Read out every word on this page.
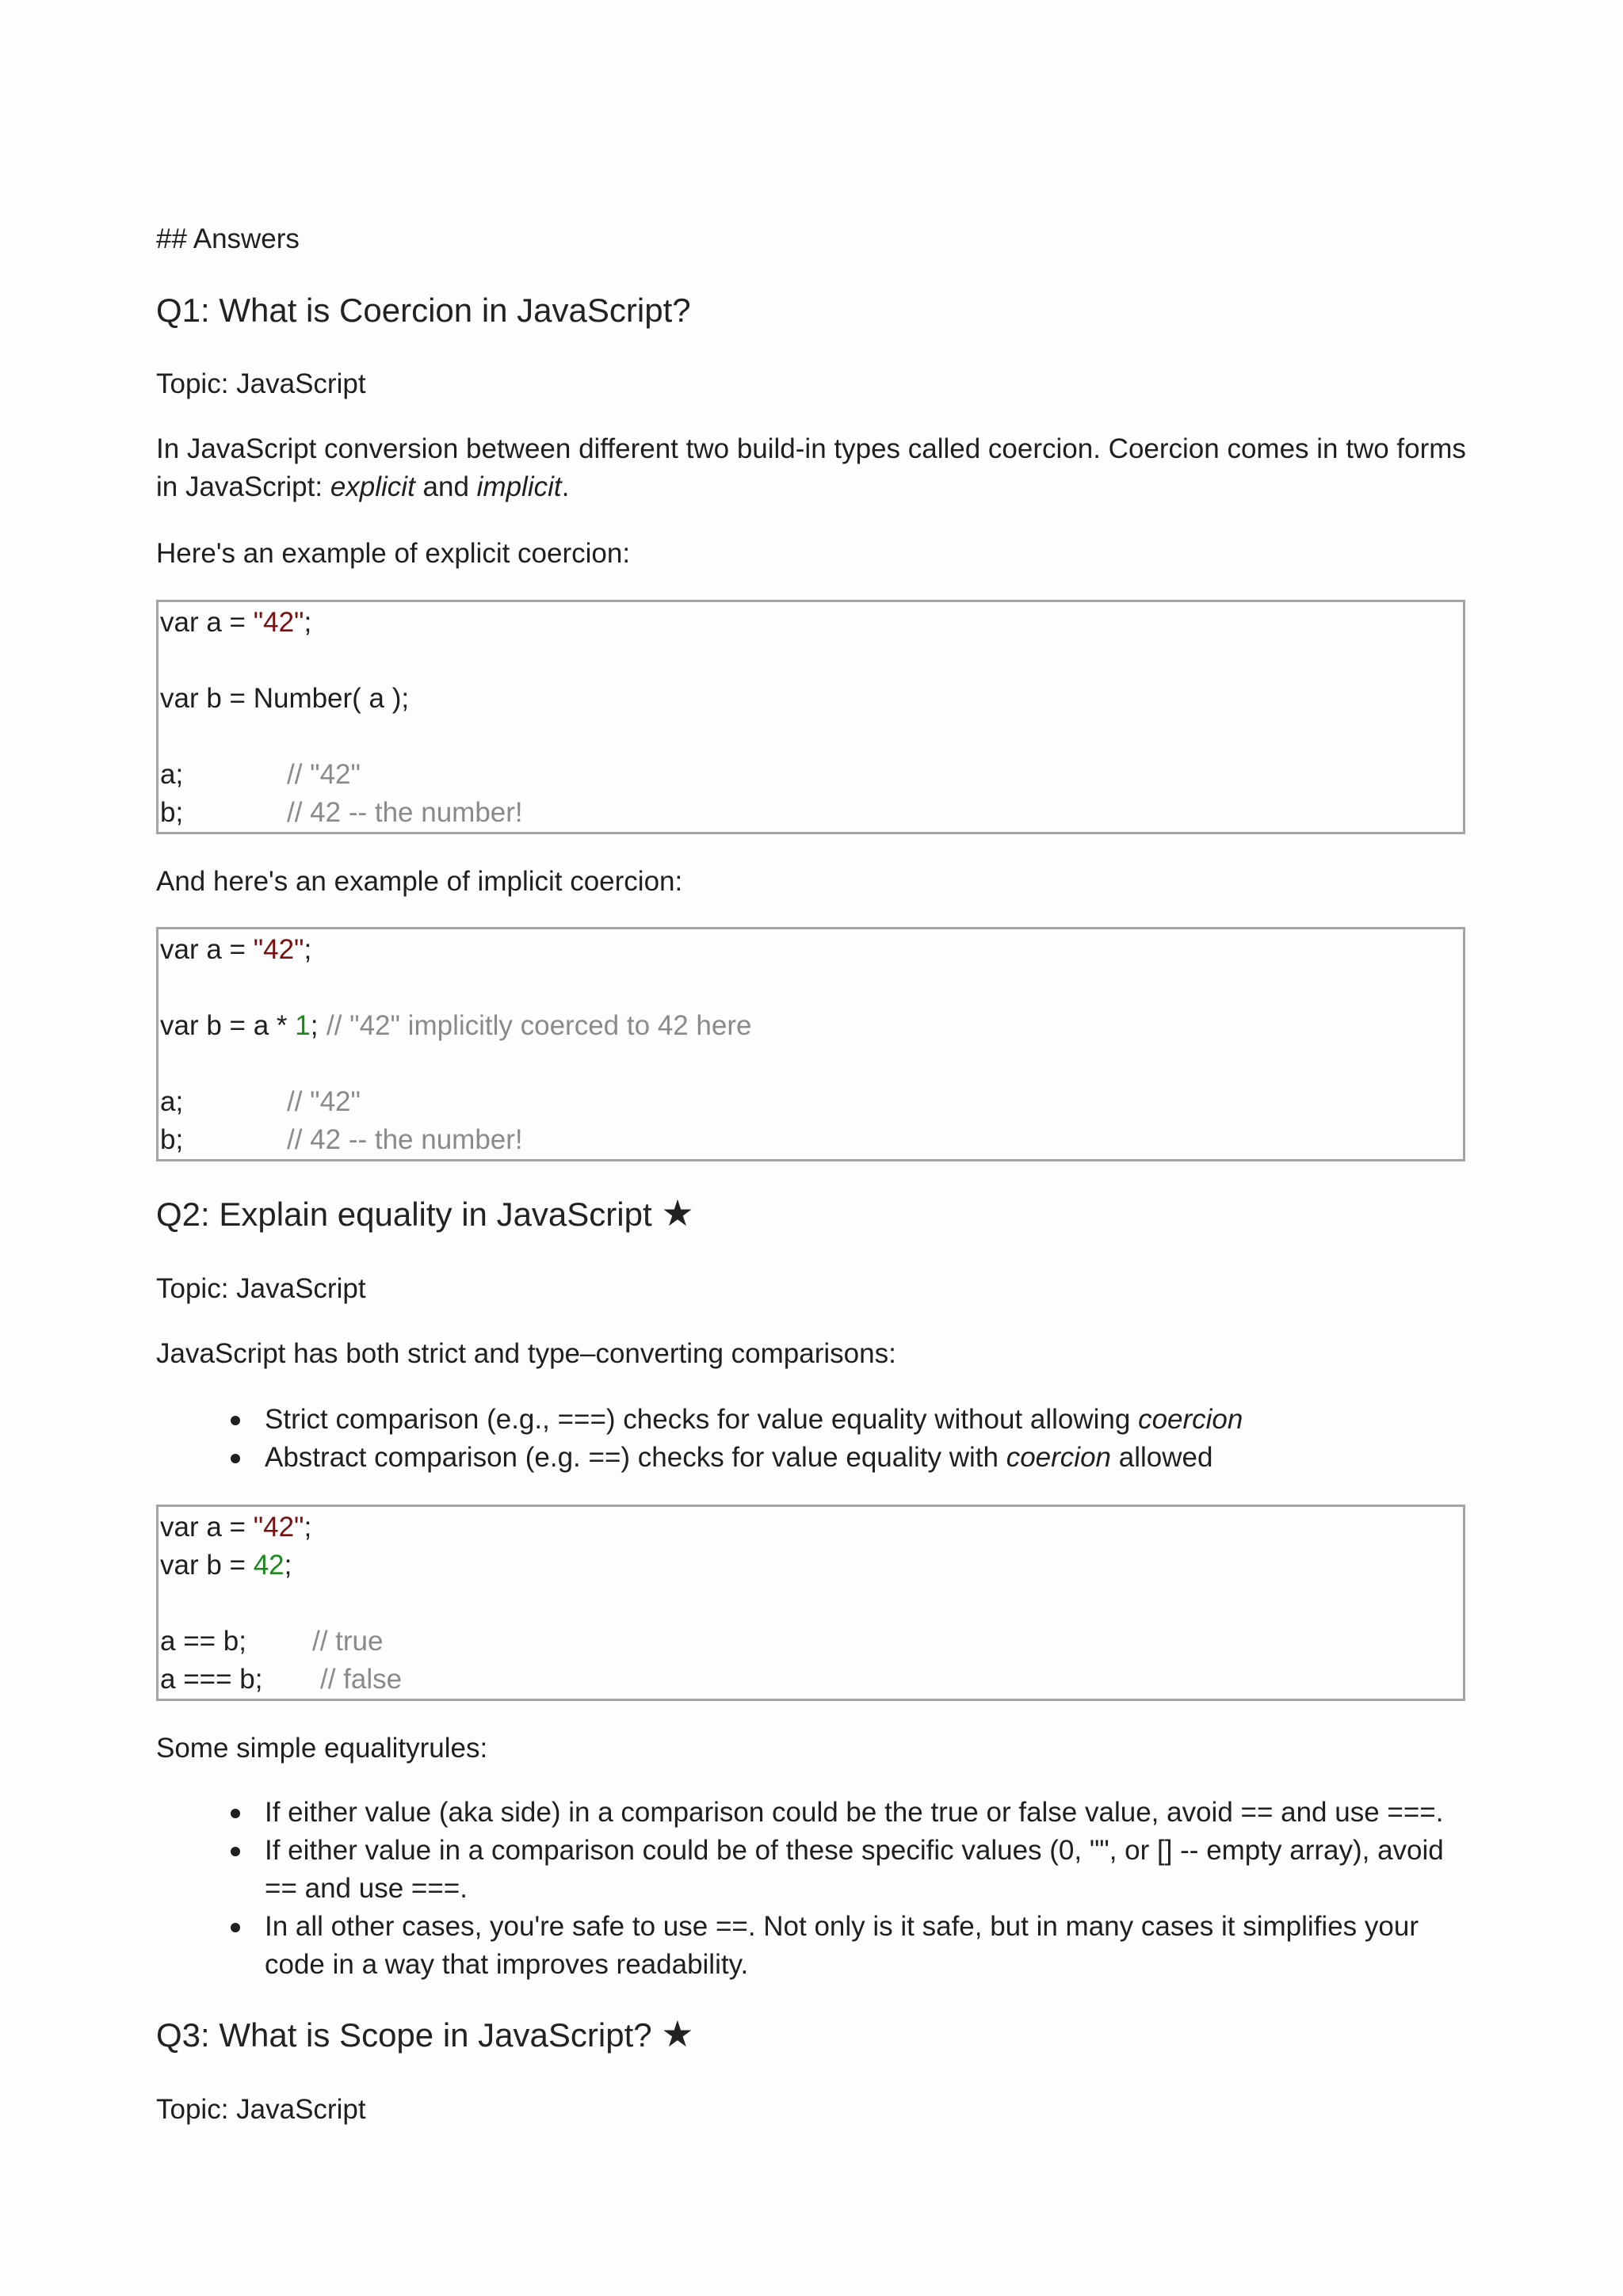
## Answers
Q1: What is Coercion in JavaScript?
Topic: JavaScript
In JavaScript conversion between different two build-in types called coercion. Coercion comes in two forms in JavaScript: explicit and implicit.
Here's an example of explicit coercion:
var a = "42";
var b = Number( a );
a;	// "42"
b;	// 42 -- the number!
And here's an example of implicit coercion:
var a = "42";
var b = a * 1; // "42" implicitly coerced to 42 here
a;	// "42"
b;	// 42 -- the number!
Q2: Explain equality in JavaScript ★
Topic: JavaScript
JavaScript has both strict and type–converting comparisons:
Strict comparison (e.g., ===) checks for value equality without allowing coercion
Abstract comparison (e.g. ==) checks for value equality with coercion allowed
var a = "42";
var b = 42;
a == b; // true
a === b; // false
Some simple equalityrules:
If either value (aka side) in a comparison could be the true or false value, avoid == and use ===.
If either value in a comparison could be of these specific values (0, "", or [] -- empty array), avoid == and use ===.
In all other cases, you're safe to use ==. Not only is it safe, but in many cases it simplifies your code in a way that improves readability.
Q3: What is Scope in JavaScript? ★
Topic: JavaScript
